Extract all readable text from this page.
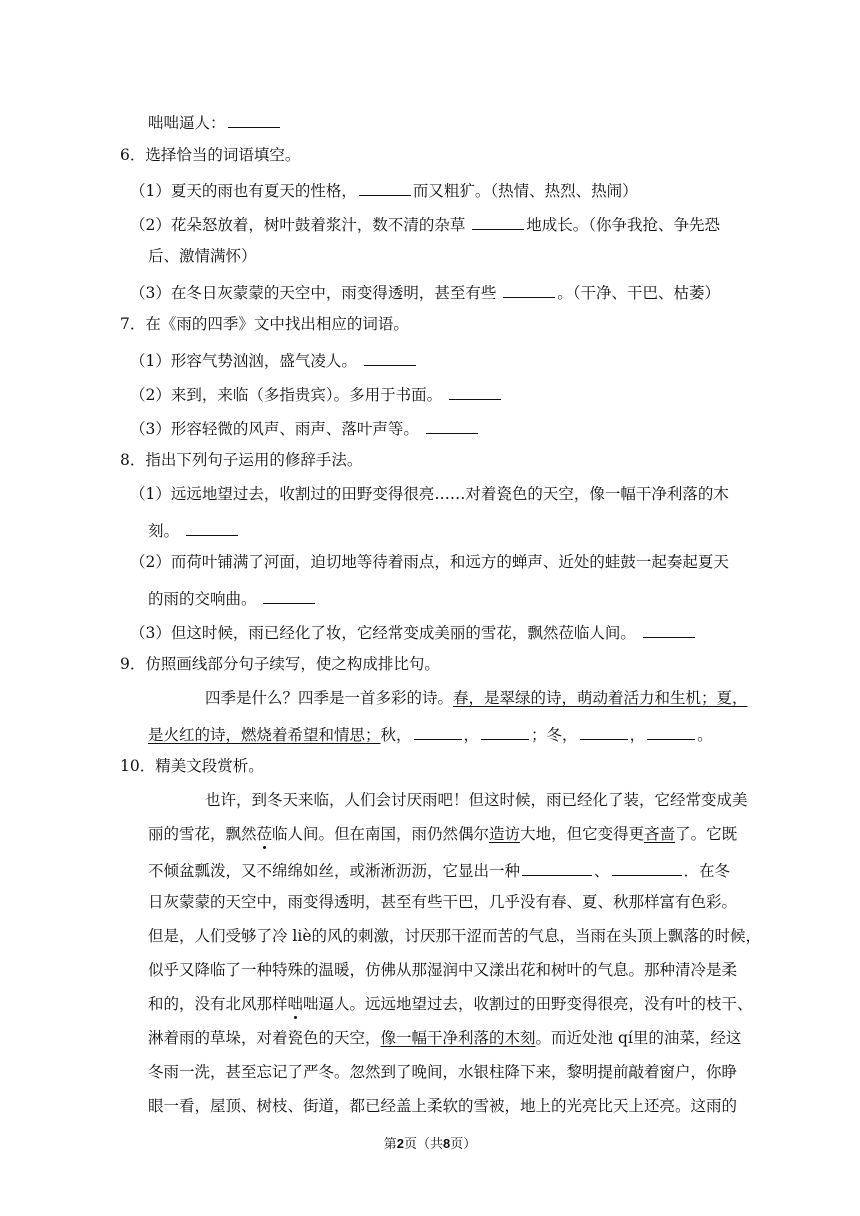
咄咄逼人：
6．选择恰当的词语填空。
（1）夏天的雨也有夏天的性格，	而又粗犷。（热情、热烈、热闹）
（2）花朵怒放着，树叶鼓着浆汁，数不清的杂草	地成长。（你争我抢、争先恐
后、激情满怀）
（3）在冬日灰蒙蒙的天空中，雨变得透明，甚至有些	。（干净、干巴、枯萎）
7．在《雨的四季》文中找出相应的词语。
（1）形容气势汹汹，盛气凌人。
（2）来到，来临（多指贵宾）。多用于书面。
（3）形容轻微的风声、雨声、落叶声等。
8．指出下列句子运用的修辞手法。
（1）远远地望过去，收割过的田野变得很亮……对着瓷色的天空，像一幅干净利落的木
刻。
（2）而荷叶铺满了河面，迫切地等待着雨点，和远方的蝉声、近处的蛙鼓一起奏起夏天
的雨的交响曲。
（3）但这时候，雨已经化了妆，它经常变成美丽的雪花，飘然莅临人间。
9．仿照画线部分句子续写，使之构成排比句。
四季是什么？四季是一首多彩的诗。春，是翠绿的诗，萌动着活力和生机；夏，
是火红的诗，燃烧着希望和情思；秋，	，	；冬，	，	。
10．精美文段赏析。
也许，到冬天来临，人们会讨厌雨吧！但这时候，雨已经化了装，它经常变成美
丽的雪花，飘然莅临人间。但在南国，雨仍然偶尔造访大地，但它变得更吝啬了。它既
不倾盆瓢泼，又不绵绵如丝，或淅淅沥沥，它显出一种	、	．在冬
日灰蒙蒙的天空中，雨变得透明，甚至有些干巴，几乎没有春、夏、秋那样富有色彩。
但是，人们受够了冷 liè的风的刺激，讨厌那干涩而苦的气息，当雨在头顶上飘落的时候，
似乎又降临了一种特殊的温暖，仿佛从那湿润中又漾出花和树叶的气息。那种清冷是柔
和的，没有北风那样咄咄逼人。远远地望过去，收割过的田野变得很亮，没有叶的枝干、
淋着雨的草垛，对着瓷色的天空，像一幅干净利落的木刻。而近处池 qí里的油菜，经这
冬雨一洗，甚至忘记了严冬。忽然到了晚间，水银柱降下来，黎明提前敲着窗户，你睁
眼一看，屋顶、树枝、街道，都已经盖上柔软的雪被，地上的光亮比天上还亮。这雨的
第2页（共8页）
